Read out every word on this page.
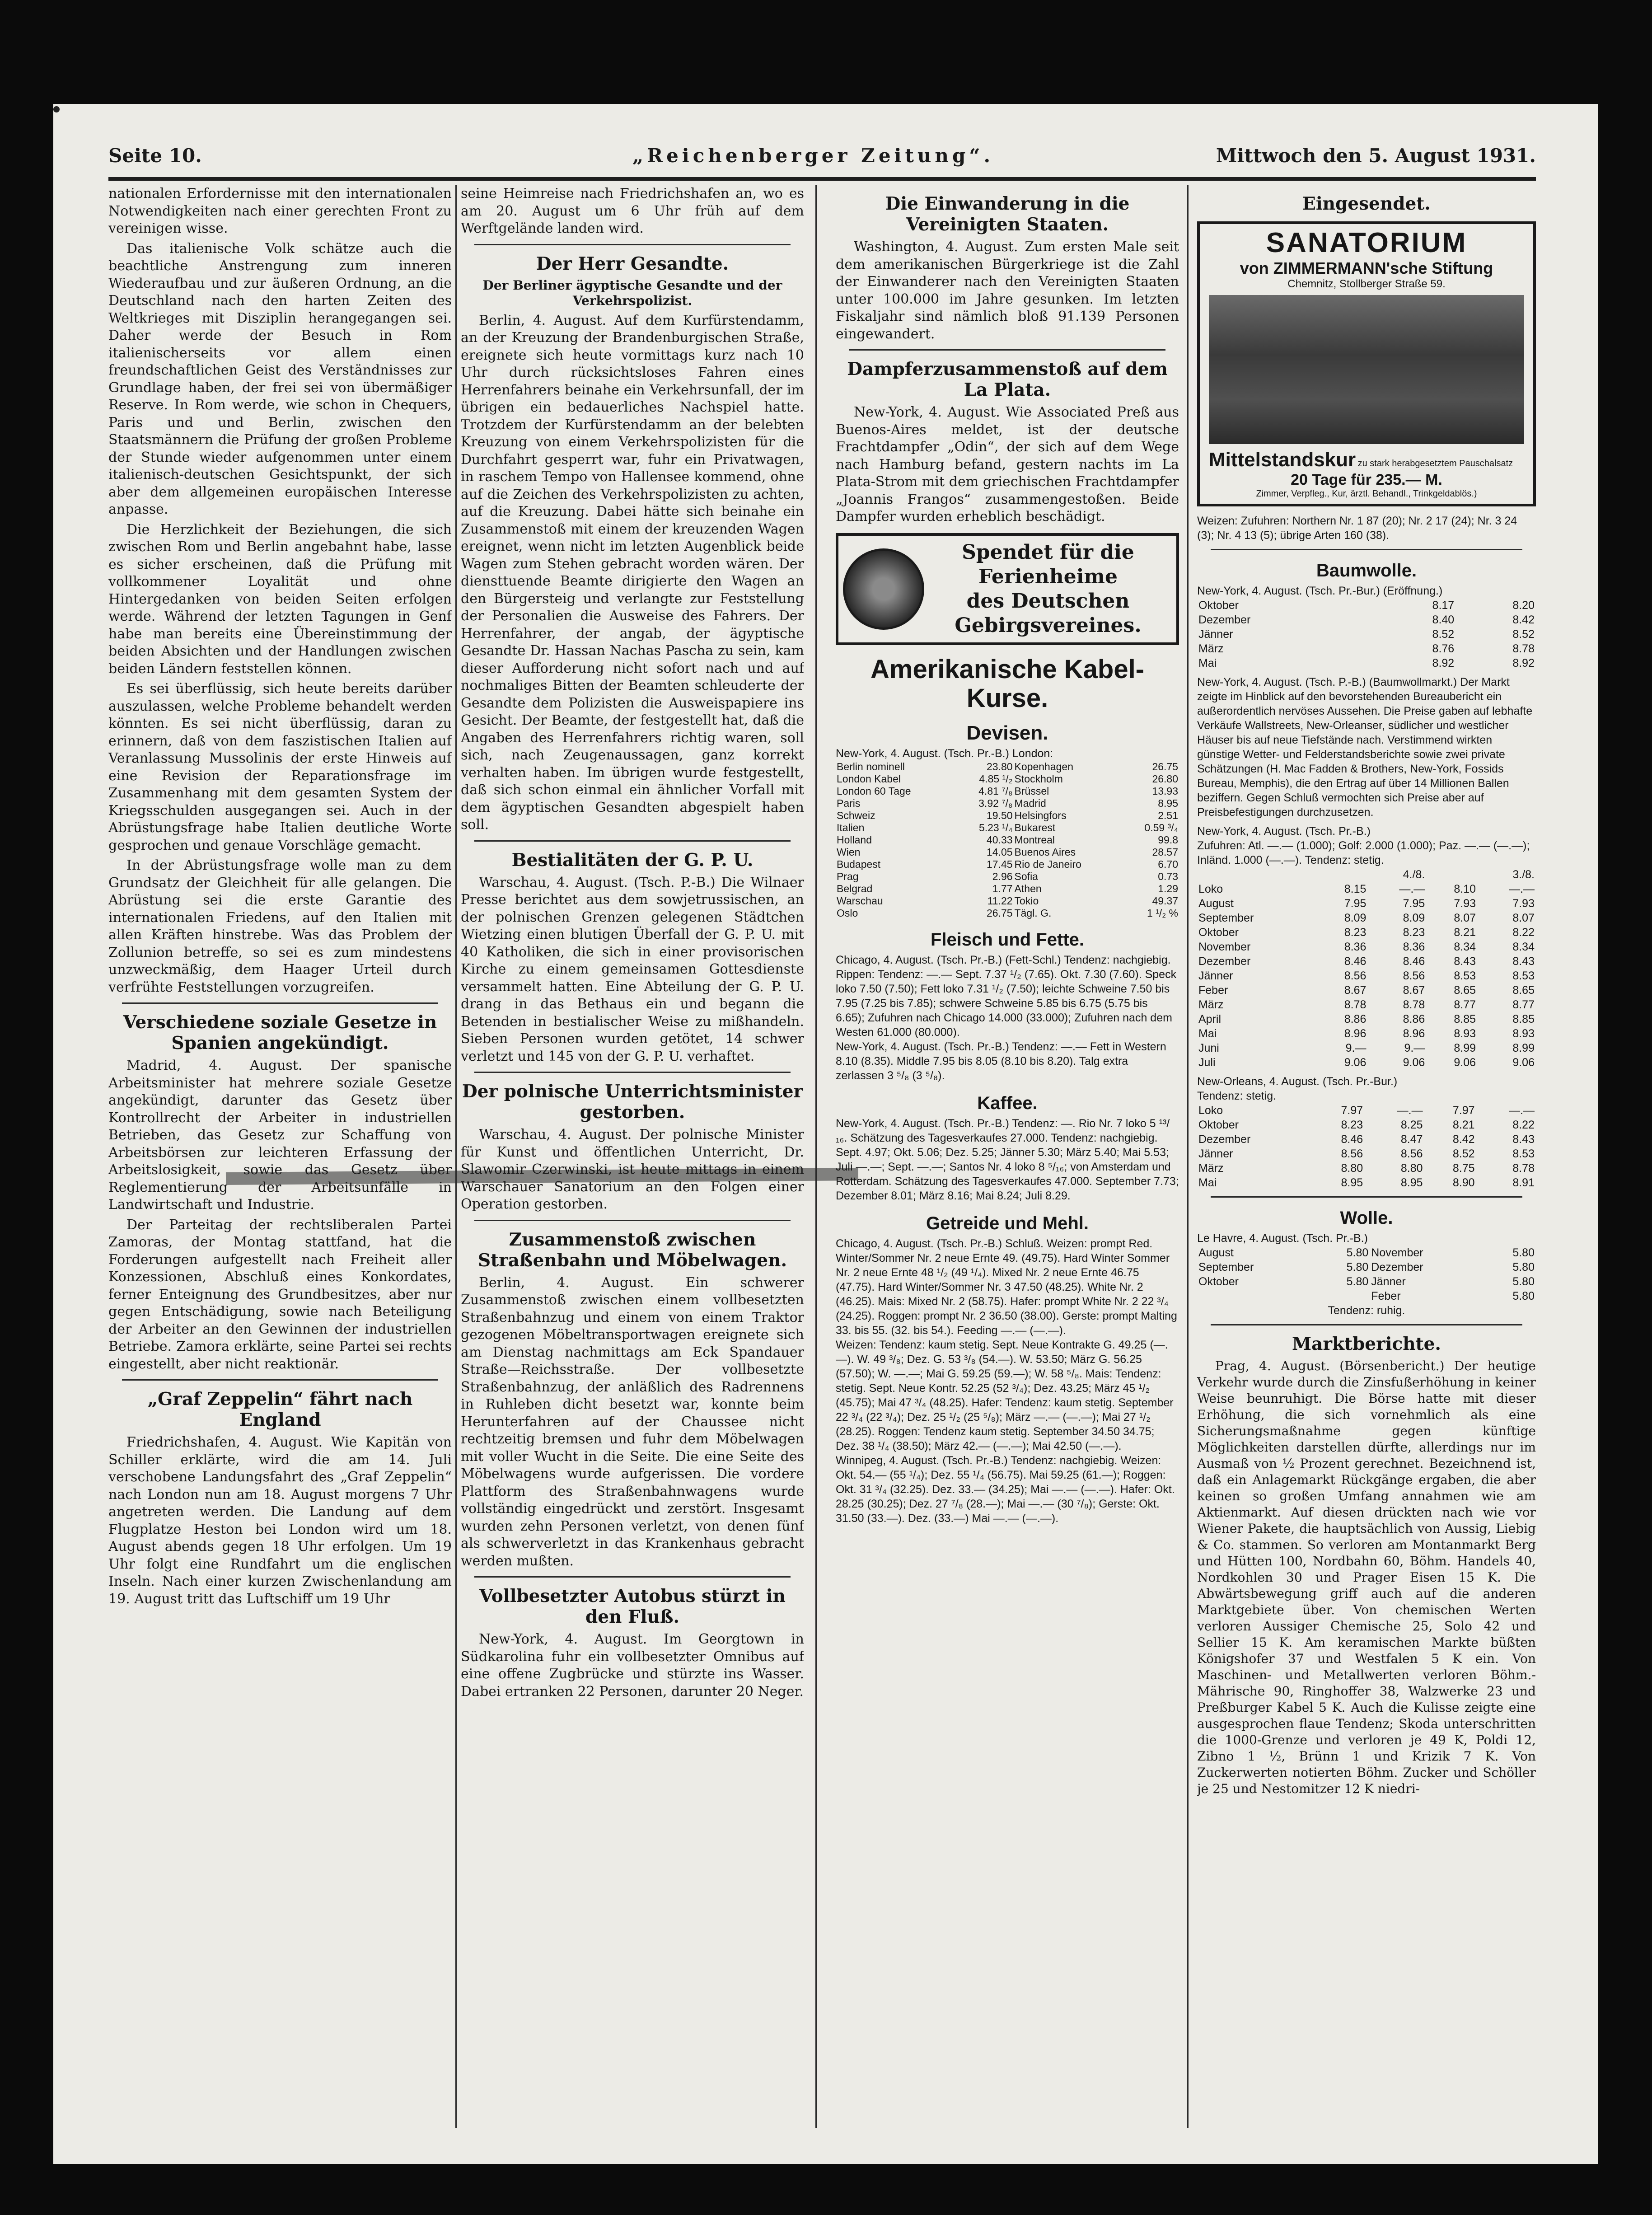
Seite 10.	„Reichenberger Zeitung“.	Mittwoch den 5. August 1931.

nationalen Erfordernisse mit den internationalen Notwendigkeiten nach einer gerechten Front zu vereinigen wisse.

Das italienische Volk schätze auch die beachtliche Anstrengung zum inneren Wiederaufbau und zur äußeren Ordnung, an die Deutschland nach den harten Zeiten des Weltkrieges mit Disziplin herangegangen sei. Daher werde der Besuch in Rom italienischerseits vor allem einen freundschaftlichen Geist des Verständnisses zur Grundlage haben, der frei sei von übermäßiger Reserve. In Rom werde, wie schon in Chequers, Paris und und Berlin, zwischen den Staatsmännern die Prüfung der großen Probleme der Stunde wieder aufgenommen unter einem italienisch-deutschen Gesichtspunkt, der sich aber dem allgemeinen europäischen Interesse anpasse.

Die Herzlichkeit der Beziehungen, die sich zwischen Rom und Berlin angebahnt habe, lasse es sicher erscheinen, daß die Prüfung mit vollkommener Loyalität und ohne Hintergedanken von beiden Seiten erfolgen werde. Während der letzten Tagungen in Genf habe man bereits eine Übereinstimmung der beiden Absichten und der Handlungen zwischen beiden Ländern feststellen können.

Es sei überflüssig, sich heute bereits darüber auszulassen, welche Probleme behandelt werden könnten. Es sei nicht überflüssig, daran zu erinnern, daß von dem faszistischen Italien auf Veranlassung Mussolinis der erste Hinweis auf eine Revision der Reparationsfrage im Zusammenhang mit dem gesamten System der Kriegsschulden ausgegangen sei. Auch in der Abrüstungsfrage habe Italien deutliche Worte gesprochen und genaue Vorschläge gemacht.

In der Abrüstungsfrage wolle man zu dem Grundsatz der Gleichheit für alle gelangen. Die Abrüstung sei die erste Garantie des internationalen Friedens, auf den Italien mit allen Kräften hinstrebe. Was das Problem der Zollunion betreffe, so sei es zum mindestens unzweckmäßig, dem Haager Urteil durch verfrühte Feststellungen vorzugreifen.

Verschiedene soziale Gesetze in Spanien angekündigt.

Madrid, 4. August. Der spanische Arbeitsminister hat mehrere soziale Gesetze angekündigt, darunter das Gesetz über Kontrollrecht der Arbeiter in industriellen Betrieben, das Gesetz zur Schaffung von Arbeitsbörsen zur leichteren Erfassung der Arbeitslosigkeit, sowie das Gesetz über Reglementierung der Arbeitsunfälle in Landwirtschaft und Industrie.

Der Parteitag der rechtsliberalen Partei Zamoras, der Montag stattfand, hat die Forderungen aufgestellt nach Freiheit aller Konzessionen, Abschluß eines Konkordates, ferner Enteignung des Grundbesitzes, aber nur gegen Entschädigung, sowie nach Beteiligung der Arbeiter an den Gewinnen der industriellen Betriebe. Zamora erklärte, seine Partei sei rechts eingestellt, aber nicht reaktionär.

„Graf Zeppelin“ fährt nach England

Friedrichshafen, 4. August. Wie Kapitän von Schiller erklärte, wird die am 14. Juli verschobene Landungsfahrt des „Graf Zeppelin“ nach London nun am 18. August morgens 7 Uhr angetreten werden. Die Landung auf dem Flugplatze Heston bei London wird um 18. August abends gegen 18 Uhr erfolgen. Um 19 Uhr folgt eine Rundfahrt um die englischen Inseln. Nach einer kurzen Zwischenlandung am 19. August tritt das Luftschiff um 19 Uhr

seine Heimreise nach Friedrichshafen an, wo es am 20. August um 6 Uhr früh auf dem Werftgelände landen wird.

Der Herr Gesandte.
Der Berliner ägyptische Gesandte und der Verkehrspolizist.

Berlin, 4. August. Auf dem Kurfürstendamm, an der Kreuzung der Brandenburgischen Straße, ereignete sich heute vormittags kurz nach 10 Uhr durch rücksichtsloses Fahren eines Herrenfahrers beinahe ein Verkehrsunfall, der im übrigen ein bedauerliches Nachspiel hatte. Trotzdem der Kurfürstendamm an der belebten Kreuzung von einem Verkehrspolizisten für die Durchfahrt gesperrt war, fuhr ein Privatwagen, in raschem Tempo von Hallensee kommend, ohne auf die Zeichen des Verkehrspolizisten zu achten, auf die Kreuzung. Dabei hätte sich beinahe ein Zusammenstoß mit einem der kreuzenden Wagen ereignet, wenn nicht im letzten Augenblick beide Wagen zum Stehen gebracht worden wären. Der diensttuende Beamte dirigierte den Wagen an den Bürgersteig und verlangte zur Feststellung der Personalien die Ausweise des Fahrers. Der Herrenfahrer, der angab, der ägyptische Gesandte Dr. Hassan Nachas Pascha zu sein, kam dieser Aufforderung nicht sofort nach und auf nochmaliges Bitten der Beamten schleuderte der Gesandte dem Polizisten die Ausweispapiere ins Gesicht. Der Beamte, der festgestellt hat, daß die Angaben des Herrenfahrers richtig waren, soll sich, nach Zeugenaussagen, ganz korrekt verhalten haben. Im übrigen wurde festgestellt, daß sich schon einmal ein ähnlicher Vorfall mit dem ägyptischen Gesandten abgespielt haben soll.

Bestialitäten der G. P. U.

Warschau, 4. August. (Tsch. P.-B.) Die Wilnaer Presse berichtet aus dem sowjetrussischen, an der polnischen Grenzen gelegenen Städtchen Wietzing einen blutigen Überfall der G. P. U. mit 40 Katholiken, die sich in einer provisorischen Kirche zu einem gemeinsamen Gottesdienste versammelt hatten. Eine Abteilung der G. P. U. drang in das Bethaus ein und begann die Betenden in bestialischer Weise zu mißhandeln. Sieben Personen wurden getötet, 14 schwer verletzt und 145 von der G. P. U. verhaftet.

Der polnische Unterrichtsminister gestorben.

Warschau, 4. August. Der polnische Minister für Kunst und öffentlichen Unterricht, Dr. Slawomir Czerwinski, ist heute mittags in einem Warschauer Sanatorium an den Folgen einer Operation gestorben.

Zusammenstoß zwischen Straßenbahn und Möbelwagen.

Berlin, 4. August. Ein schwerer Zusammenstoß zwischen einem vollbesetzten Straßenbahnzug und einem von einem Traktor gezogenen Möbeltransportwagen ereignete sich am Dienstag nachmittags am Eck Spandauer Straße—Reichsstraße. Der vollbesetzte Straßenbahnzug, der anläßlich des Radrennens in Ruhleben dicht besetzt war, konnte beim Herunterfahren auf der Chaussee nicht rechtzeitig bremsen und fuhr dem Möbelwagen mit voller Wucht in die Seite. Die eine Seite des Möbelwagens wurde aufgerissen. Die vordere Plattform des Straßenbahnwagens wurde vollständig eingedrückt und zerstört. Insgesamt wurden zehn Personen verletzt, von denen fünf als schwerverletzt in das Krankenhaus gebracht werden mußten.

Vollbesetzter Autobus stürzt in den Fluß.

New-York, 4. August. Im Georgtown in Südkarolina fuhr ein vollbesetzter Omnibus auf eine offene Zugbrücke und stürzte ins Wasser. Dabei ertranken 22 Personen, darunter 20 Neger.

Die Einwanderung in die Vereinigten Staaten.

Washington, 4. August. Zum ersten Male seit dem amerikanischen Bürgerkriege ist die Zahl der Einwanderer nach den Vereinigten Staaten unter 100.000 im Jahre gesunken. Im letzten Fiskaljahr sind nämlich bloß 91.139 Personen eingewandert.

Dampferzusammenstoß auf dem La Plata.

New-York, 4. August. Wie Associated Preß aus Buenos-Aires meldet, ist der deutsche Frachtdampfer „Odin“, der sich auf dem Wege nach Hamburg befand, gestern nachts im La Plata-Strom mit dem griechischen Frachtdampfer „Joannis Frangos“ zusammengestoßen. Beide Dampfer wurden erheblich beschädigt.

Spendet für die
Ferienheime
des Deutschen
Gebirgsvereines.
Amerikanische Kabel-Kurse.
Devisen.

New-York, 4. August. (Tsch. Pr.-B.) London:

Berlin nominell	23.80	Kopenhagen	26.75
London Kabel	4.85 ¹/₂	Stockholm	26.80
London 60 Tage	4.81 ⁷/₈	Brüssel	13.93
Paris	3.92 ⁷/₈	Madrid	8.95
Schweiz	19.50	Helsingfors	2.51
Italien	5.23 ¹/₄	Bukarest	0.59 ³/₄
Holland	40.33	Montreal	99.8
Wien	14.05	Buenos Aires	28.57
Budapest	17.45	Rio de Janeiro	6.70
Prag	2.96	Sofia	0.73
Belgrad	1.77	Athen	1.29
Warschau	11.22	Tokio	49.37
Oslo	26.75	Tägl. G.	1 ¹/₂ %
Fleisch und Fette.

Chicago, 4. August. (Tsch. Pr.-B.) (Fett-Schl.) Tendenz: nachgiebig. Rippen: Tendenz: —.— Sept. 7.37 ¹/₂ (7.65). Okt. 7.30 (7.60). Speck loko 7.50 (7.50); Fett loko 7.31 ¹/₂ (7.50); leichte Schweine 7.50 bis 7.95 (7.25 bis 7.85); schwere Schweine 5.85 bis 6.75 (5.75 bis 6.65); Zufuhren nach Chicago 14.000 (33.000); Zufuhren nach dem Westen 61.000 (80.000).

New-York, 4. August. (Tsch. Pr.-B.) Tendenz: —.— Fett in Western 8.10 (8.35). Middle 7.95 bis 8.05 (8.10 bis 8.20). Talg extra zerlassen 3 ⁵/₈ (3 ⁵/₈).

Kaffee.

New-York, 4. August. (Tsch. Pr.-B.) Tendenz: —. Rio Nr. 7 loko 5 ¹³/₁₆. Schätzung des Tagesverkaufes 27.000. Tendenz: nachgiebig. Sept. 4.97; Okt. 5.06; Dez. 5.25; Jänner 5.30; März 5.40; Mai 5.53; Juli —.—; Sept. —.—; Santos Nr. 4 loko 8 ⁵/₁₆; von Amsterdam und Rotterdam. Schätzung des Tagesverkaufes 47.000. September 7.73; Dezember 8.01; März 8.16; Mai 8.24; Juli 8.29.

Getreide und Mehl.

Chicago, 4. August. (Tsch. Pr.-B.) Schluß. Weizen: prompt Red. Winter/Sommer Nr. 2 neue Ernte 49. (49.75). Hard Winter Sommer Nr. 2 neue Ernte 48 ¹/₂ (49 ¹/₄). Mixed Nr. 2 neue Ernte 46.75 (47.75). Hard Winter/Sommer Nr. 3 47.50 (48.25). White Nr. 2 (46.25). Mais: Mixed Nr. 2 (58.75). Hafer: prompt White Nr. 2 22 ³/₄ (24.25). Roggen: prompt Nr. 2 36.50 (38.00). Gerste: prompt Malting 33. bis 55. (32. bis 54.). Feeding —.— (—.—).

Weizen: Tendenz: kaum stetig. Sept. Neue Kontrakte G. 49.25 (—.—). W. 49 ³/₈; Dez. G. 53 ³/₈ (54.—). W. 53.50; März G. 56.25 (57.50); W. —.—; Mai G. 59.25 (59.—); W. 58 ⁵/₈. Mais: Tendenz: stetig. Sept. Neue Kontr. 52.25 (52 ³/₄); Dez. 43.25; März 45 ¹/₂ (45.75); Mai 47 ³/₄ (48.25). Hafer: Tendenz: kaum stetig. September 22 ³/₄ (22 ³/₄); Dez. 25 ¹/₂ (25 ⁵/₈); März —.— (—.—); Mai 27 ¹/₂ (28.25). Roggen: Tendenz kaum stetig. September 34.50 34.75; Dez. 38 ¹/₄ (38.50); März 42.— (—.—); Mai 42.50 (—.—).

Winnipeg, 4. August. (Tsch. Pr.-B.) Tendenz: nachgiebig. Weizen: Okt. 54.— (55 ¹/₄); Dez. 55 ¹/₄ (56.75). Mai 59.25 (61.—); Roggen: Okt. 31 ³/₄ (32.25). Dez. 33.— (34.25); Mai —.— (—.—). Hafer: Okt. 28.25 (30.25); Dez. 27 ⁷/₈ (28.—); Mai —.— (30 ⁷/₈); Gerste: Okt. 31.50 (33.—). Dez. (33.—) Mai —.— (—.—).

Eingesendet.
SANATORIUM
von ZIMMERMANN'sche Stiftung
Chemnitz, Stollberger Straße 59.
Mittelstandskur zu stark herabgesetztem Pauschalsatz
20 Tage für 235.— M.
Zimmer, Verpfleg., Kur, ärztl. Behandl., Trinkgeldablös.)

Weizen: Zufuhren: Northern Nr. 1 87 (20); Nr. 2 17 (24); Nr. 3 24 (3); Nr. 4 13 (5); übrige Arten 160 (38).

Baumwolle.

New-York, 4. August. (Tsch. Pr.-Bur.) (Eröffnung.)

Oktober	8.17	8.20
Dezember	8.40	8.42
Jänner	8.52	8.52
März	8.76	8.78
Mai	8.92	8.92

New-York, 4. August. (Tsch. P.-B.) (Baumwollmarkt.) Der Markt zeigte im Hinblick auf den bevorstehenden Bureaubericht ein außerordentlich nervöses Aussehen. Die Preise gaben auf lebhafte Verkäufe Wallstreets, New-Orleanser, südlicher und westlicher Häuser bis auf neue Tiefstände nach. Verstimmend wirkten günstige Wetter- und Felderstandsberichte sowie zwei private Schätzungen (H. Mac Fadden & Brothers, New-York, Fossids Bureau, Memphis), die den Ertrag auf über 14 Millionen Ballen beziffern. Gegen Schluß vermochten sich Preise aber auf Preisbefestigungen durchzusetzen.

New-York, 4. August. (Tsch. Pr.-B.)

Zufuhren: Atl. —.— (1.000); Golf: 2.000 (1.000); Paz. —.— (—.—); Inländ. 1.000 (—.—). Tendenz: stetig.

	4./8.		3./8.	
Loko	8.15	—.—	8.10	—.—
August	7.95	7.95	7.93	7.93
September	8.09	8.09	8.07	8.07
Oktober	8.23	8.23	8.21	8.22
November	8.36	8.36	8.34	8.34
Dezember	8.46	8.46	8.43	8.43
Jänner	8.56	8.56	8.53	8.53
Feber	8.67	8.67	8.65	8.65
März	8.78	8.78	8.77	8.77
April	8.86	8.86	8.85	8.85
Mai	8.96	8.96	8.93	8.93
Juni	9.—	9.—	8.99	8.99
Juli	9.06	9.06	9.06	9.06

New-Orleans, 4. August. (Tsch. Pr.-Bur.)

Tendenz: stetig.

Loko	7.97	—.—	7.97	—.—
Oktober	8.23	8.25	8.21	8.22
Dezember	8.46	8.47	8.42	8.43
Jänner	8.56	8.56	8.52	8.53
März	8.80	8.80	8.75	8.78
Mai	8.95	8.95	8.90	8.91
Wolle.

Le Havre, 4. August. (Tsch. Pr.-B.)

August	5.80	November	5.80
September	5.80	Dezember	5.80
Oktober	5.80	Jänner	5.80
		Feber	5.80

Tendenz: ruhig.

Marktberichte.

Prag, 4. August. (Börsenbericht.) Der heutige Verkehr wurde durch die Zinsfußerhöhung in keiner Weise beunruhigt. Die Börse hatte mit dieser Erhöhung, die sich vornehmlich als eine Sicherungsmaßnahme gegen künftige Möglichkeiten darstellen dürfte, allerdings nur im Ausmaß von ½ Prozent gerechnet. Bezeichnend ist, daß ein Anlagemarkt Rückgänge ergaben, die aber keinen so großen Umfang annahmen wie am Aktienmarkt. Auf diesen drückten nach wie vor Wiener Pakete, die hauptsächlich von Aussig, Liebig & Co. stammen. So verloren am Montanmarkt Berg und Hütten 100, Nordbahn 60, Böhm. Handels 40, Nordkohlen 30 und Prager Eisen 15 K. Die Abwärtsbewegung griff auch auf die anderen Marktgebiete über. Von chemischen Werten verloren Aussiger Chemische 25, Solo 42 und Sellier 15 K. Am keramischen Markte büßten Königshofer 37 und Westfalen 5 K ein. Von Maschinen- und Metallwerten verloren Böhm.-Mährische 90, Ringhoffer 38, Walzwerke 23 und Preßburger Kabel 5 K. Auch die Kulisse zeigte eine ausgesprochen flaue Tendenz; Skoda unterschritten die 1000-Grenze und verloren je 49 K, Poldi 12, Zibno 1 ½, Brünn 1 und Krizik 7 K. Von Zuckerwerten notierten Böhm. Zucker und Schöller je 25 und Nestomitzer 12 K niedri-
